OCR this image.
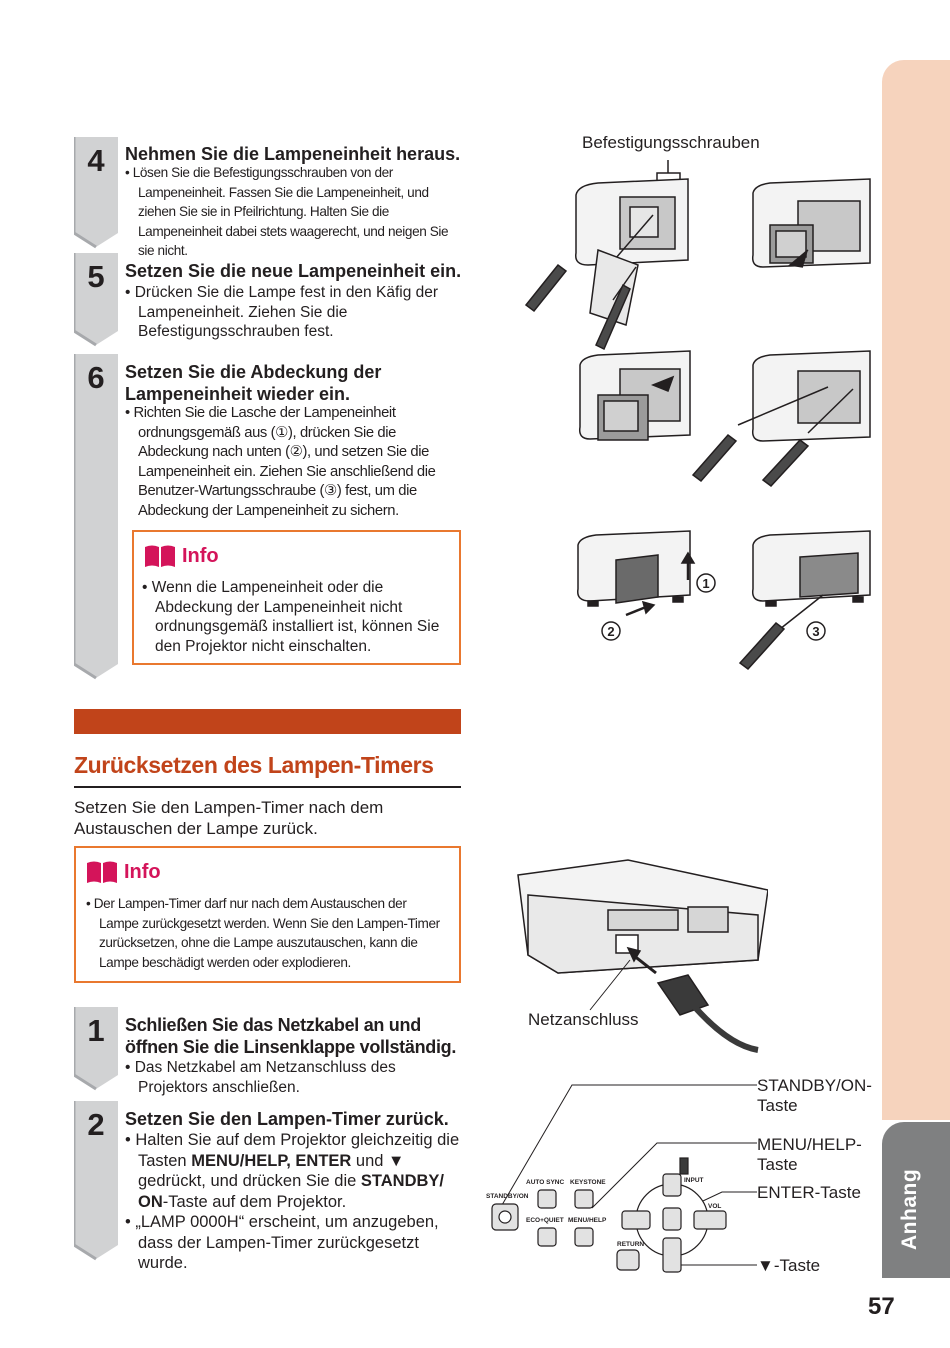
Anhang
4	Nehmen Sie die Lampeneinheit heraus.
• Lösen Sie die Befestigungsschrauben von der Lampeneinheit. Fassen Sie die Lampeneinheit, und ziehen Sie sie in Pfeilrichtung. Halten Sie die Lampeneinheit dabei stets waagerecht, und neigen Sie sie nicht.
5	Setzen Sie die neue Lampeneinheit ein.
• Drücken Sie die Lampe fest in den Käfig der Lampeneinheit. Ziehen Sie die Befestigungsschrauben fest.
6	Setzen Sie die Abdeckung der
Lampeneinheit wieder ein.
• Richten Sie die Lasche der Lampeneinheit ordnungsgemäß aus (①), drücken Sie die Abdeckung nach unten (②), und setzen Sie die Lampeneinheit ein. Ziehen Sie anschließend die Benutzer-Wartungsschraube (③) fest, um die Abdeckung der Lampeneinheit zu sichern.
Info
• Wenn die Lampeneinheit oder die Abdeckung der Lampeneinheit nicht ordnungsgemäß installiert ist, können Sie den Projektor nicht einschalten.
Zurücksetzen des Lampen-Timers
Setzen Sie den Lampen-Timer nach dem Austauschen der Lampe zurück.
Info
• Der Lampen-Timer darf nur nach dem Austauschen der Lampe zurückgesetzt werden. Wenn Sie den Lampen-Timer zurücksetzen, ohne die Lampe auszutauschen, kann die Lampe beschädigt werden oder explodieren.
1	Schließen Sie das Netzkabel an und
öffnen Sie die Linsenklappe vollständig.
• Das Netzkabel am Netzanschluss des Projektors anschließen.
2	Setzen Sie den Lampen-Timer zurück.
• Halten Sie auf dem Projektor gleichzeitig die Tasten MENU/HELP, ENTER und ▼ gedrückt, und drücken Sie die STANDBY/ ON-Taste auf dem Projektor.
• „LAMP 0000H“ erscheint, um anzugeben, dass der Lampen-Timer zurückgesetzt wurde.
Befestigungsschrauben
1
2	3
Netzanschluss
STANDBY/ON
AUTO SYNC KEYSTONE
ECO+QUIET MENU/HELP
INPUT
VOL
RETURN
STANDBY/ON-
Taste
MENU/HELP-
Taste
ENTER-Taste
▼-Taste
57
